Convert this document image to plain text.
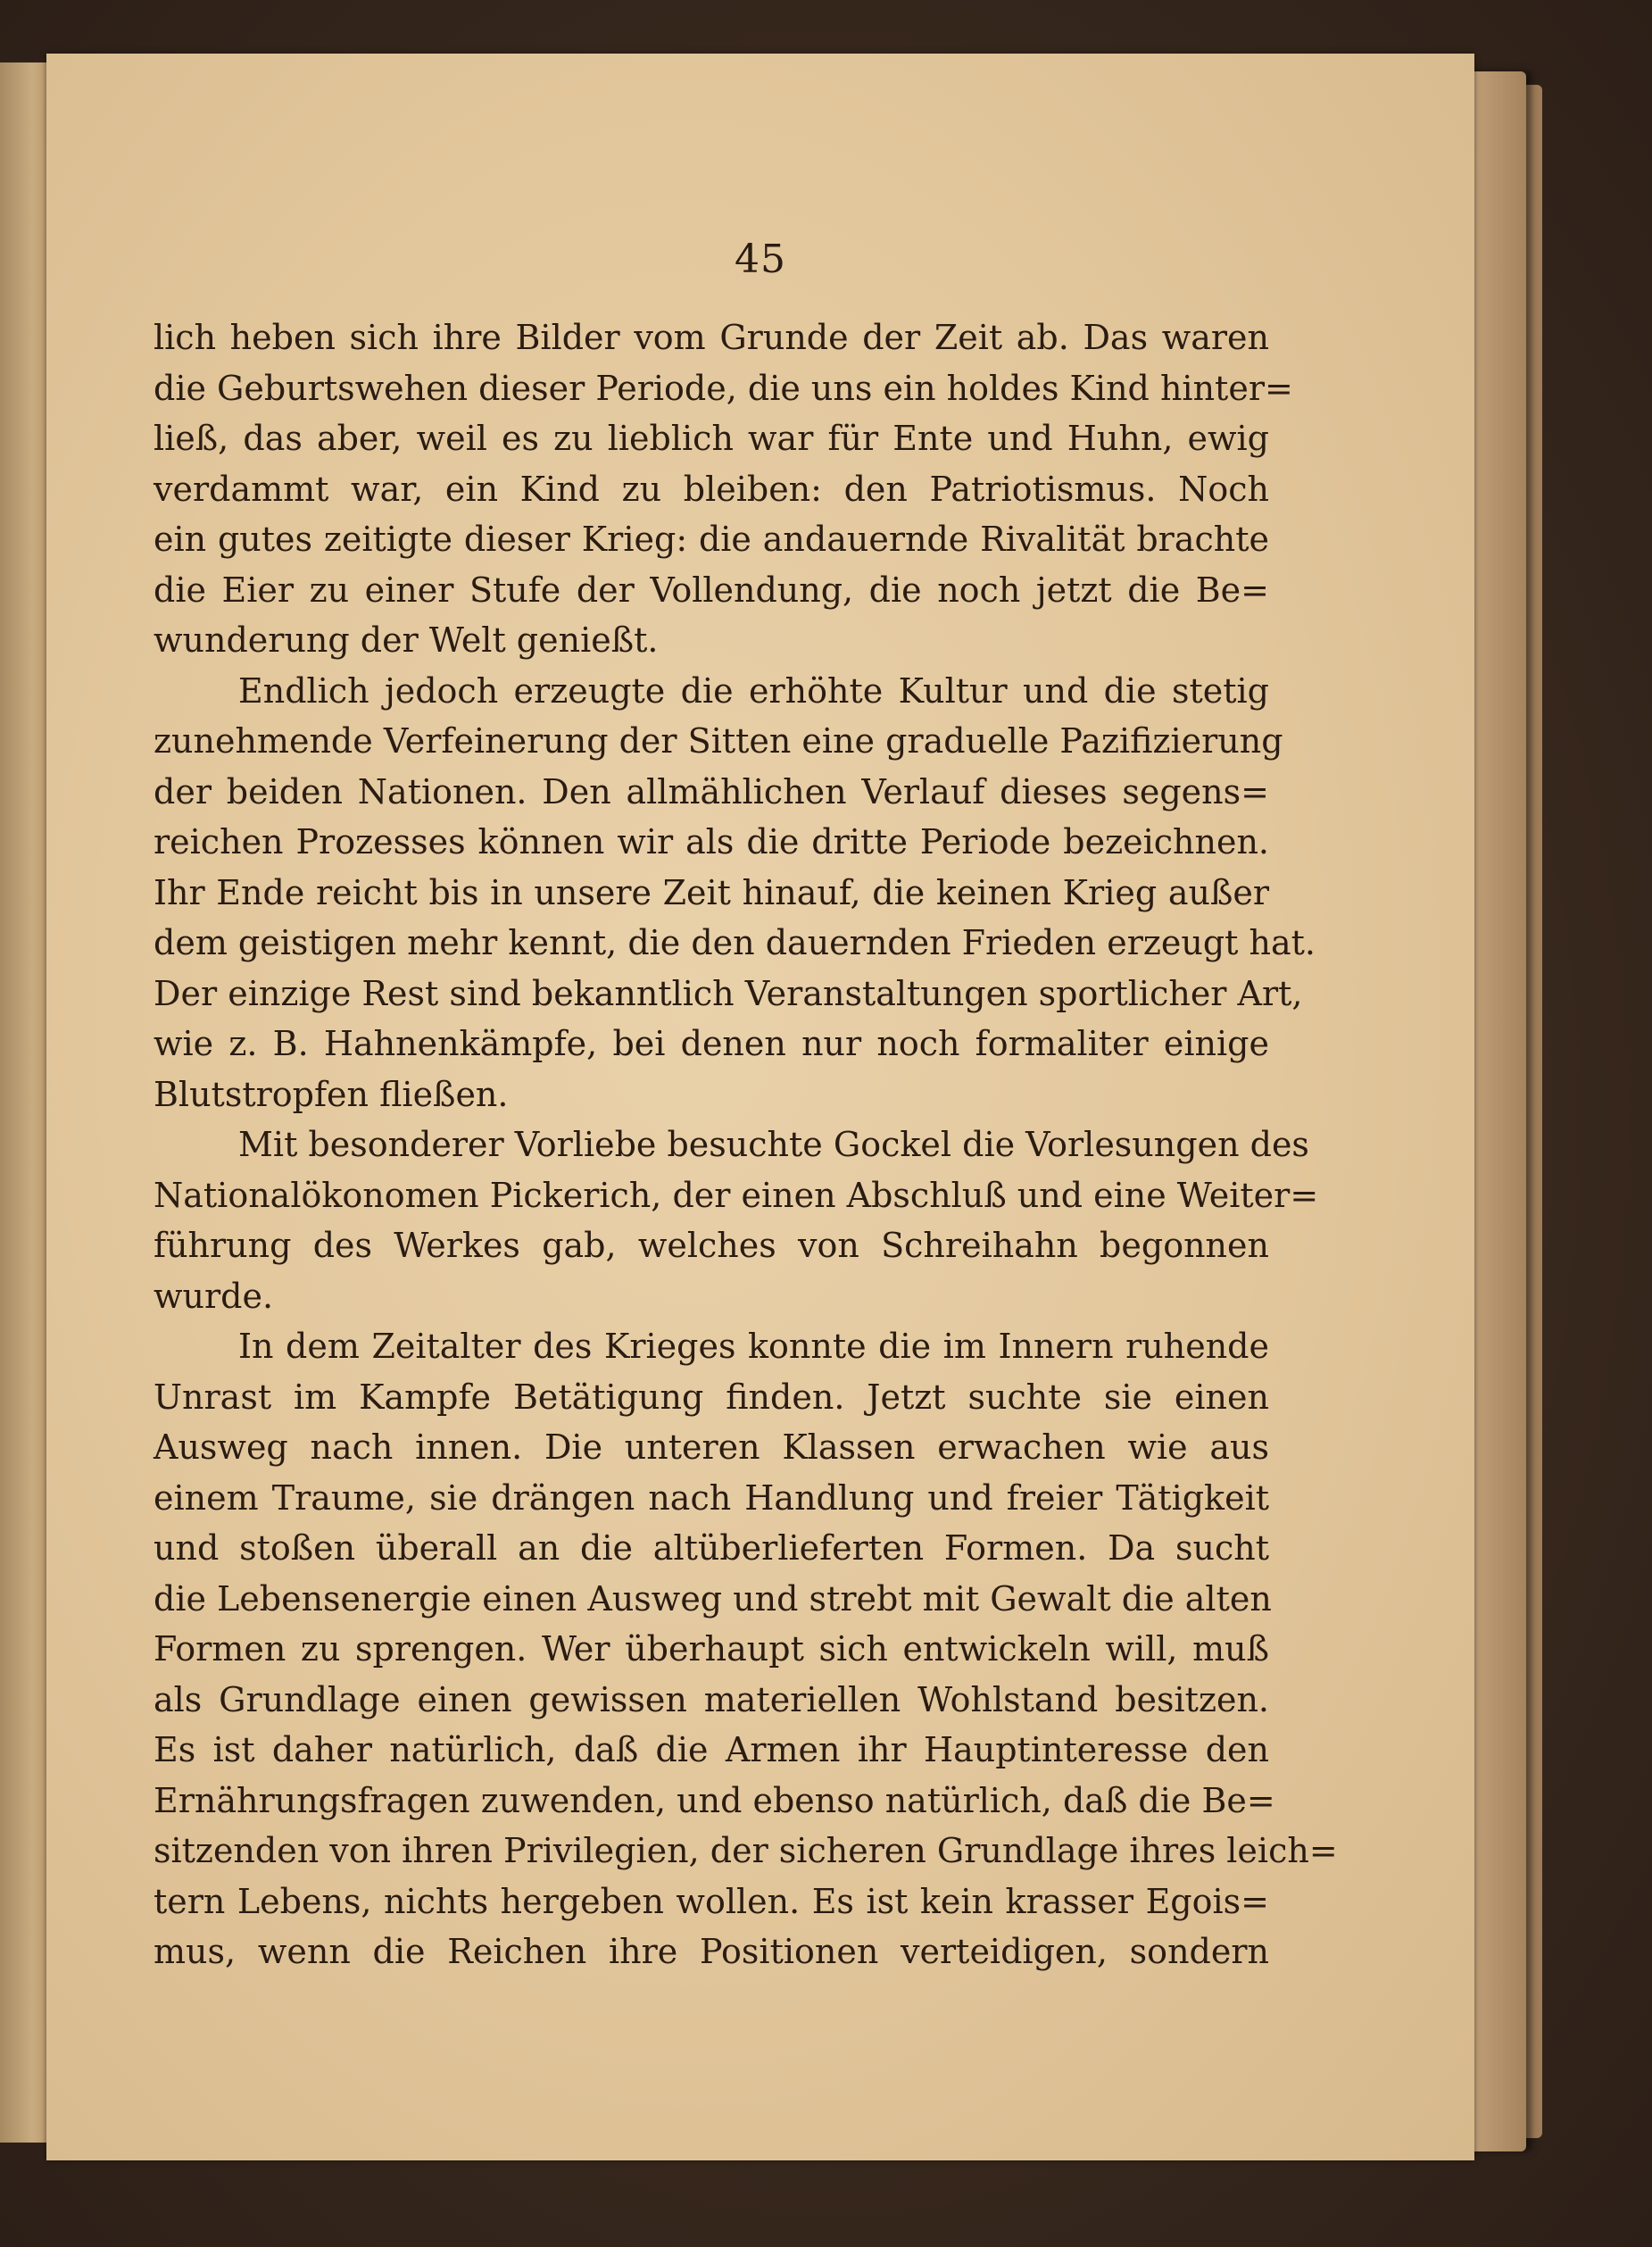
45
lich heben sich ihre Bilder vom Grunde der Zeit ab. Das waren
die Geburtswehen dieser Periode, die uns ein holdes Kind hinter=
ließ, das aber, weil es zu lieblich war für Ente und Huhn, ewig
verdammt war, ein Kind zu bleiben: den Patriotismus. Noch
ein gutes zeitigte dieser Krieg: die andauernde Rivalität brachte
die Eier zu einer Stufe der Vollendung, die noch jetzt die Be=
wunderung der Welt genießt.
Endlich jedoch erzeugte die erhöhte Kultur und die stetig
zunehmende Verfeinerung der Sitten eine graduelle Pazifizierung
der beiden Nationen. Den allmählichen Verlauf dieses segens=
reichen Prozesses können wir als die dritte Periode bezeichnen.
Ihr Ende reicht bis in unsere Zeit hinauf, die keinen Krieg außer
dem geistigen mehr kennt, die den dauernden Frieden erzeugt hat.
Der einzige Rest sind bekanntlich Veranstaltungen sportlicher Art,
wie z. B. Hahnenkämpfe, bei denen nur noch formaliter einige
Blutstropfen fließen.
Mit besonderer Vorliebe besuchte Gockel die Vorlesungen des
Nationalökonomen Pickerich, der einen Abschluß und eine Weiter=
führung des Werkes gab, welches von Schreihahn begonnen
wurde.
In dem Zeitalter des Krieges konnte die im Innern ruhende
Unrast im Kampfe Betätigung finden. Jetzt suchte sie einen
Ausweg nach innen. Die unteren Klassen erwachen wie aus
einem Traume, sie drängen nach Handlung und freier Tätigkeit
und stoßen überall an die altüberlieferten Formen. Da sucht
die Lebensenergie einen Ausweg und strebt mit Gewalt die alten
Formen zu sprengen. Wer überhaupt sich entwickeln will, muß
als Grundlage einen gewissen materiellen Wohlstand besitzen.
Es ist daher natürlich, daß die Armen ihr Hauptinteresse den
Ernährungsfragen zuwenden, und ebenso natürlich, daß die Be=
sitzenden von ihren Privilegien, der sicheren Grundlage ihres leich=
tern Lebens, nichts hergeben wollen. Es ist kein krasser Egois=
mus, wenn die Reichen ihre Positionen verteidigen, sondern
